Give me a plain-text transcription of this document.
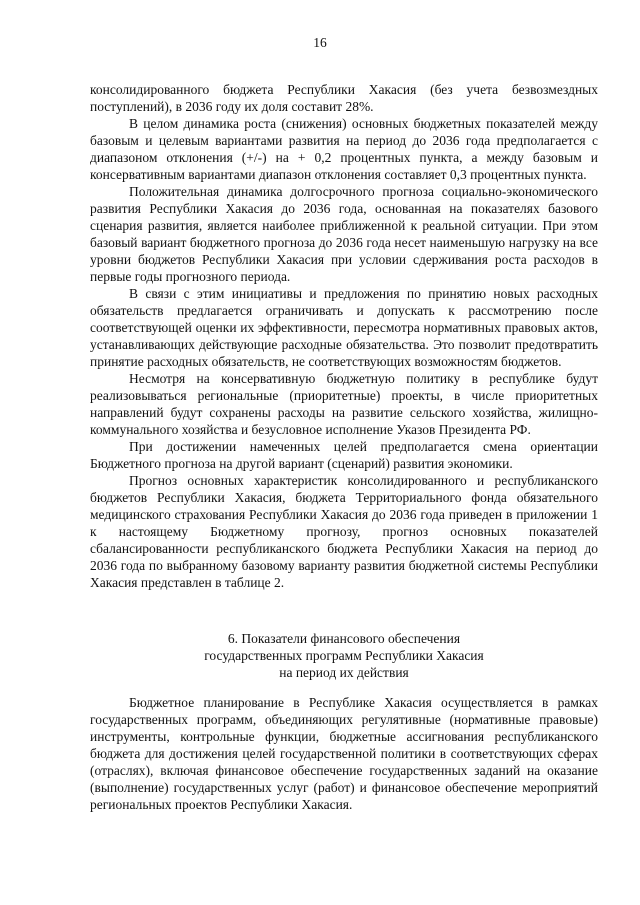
16

консолидированного бюджета Республики Хакасия (без учета безвозмездных поступлений), в 2036 году их доля составит 28%.

В целом динамика роста (снижения) основных бюджетных показателей между базовым и целевым вариантами развития на период до 2036 года предполагается с диапазоном отклонения (+/-) на + 0,2 процентных пункта, а между базовым и консервативным вариантами диапазон отклонения составляет 0,3 процентных пункта.

Положительная динамика долгосрочного прогноза социально-экономического развития Республики Хакасия до 2036 года, основанная на показателях базового сценария развития, является наиболее приближенной к реальной ситуации. При этом базовый вариант бюджетного прогноза до 2036 года несет наименьшую нагрузку на все уровни бюджетов Республики Хакасия при условии сдерживания роста расходов в первые годы прогнозного периода.

В связи с этим инициативы и предложения по принятию новых расходных обязательств предлагается ограничивать и допускать к рассмотрению после соответствующей оценки их эффективности, пересмотра нормативных правовых актов, устанавливающих действующие расходные обязательства. Это позволит предотвратить принятие расходных обязательств, не соответствующих возможностям бюджетов.

Несмотря на консервативную бюджетную политику в республике будут реализовываться региональные (приоритетные) проекты, в числе приоритетных направлений будут сохранены расходы на развитие сельского хозяйства, жилищно-коммунального хозяйства и безусловное исполнение Указов Президента РФ.

При достижении намеченных целей предполагается смена ориентации Бюджетного прогноза на другой вариант (сценарий) развития экономики.

Прогноз основных характеристик консолидированного и республиканского бюджетов Республики Хакасия, бюджета Территориального фонда обязательного медицинского страхования Республики Хакасия до 2036 года приведен в приложении 1 к настоящему Бюджетному прогнозу, прогноз основных показателей сбалансированности республиканского бюджета Республики Хакасия на период до 2036 года по выбранному базовому варианту развития бюджетной системы Республики Хакасия представлен в таблице 2.

6. Показатели финансового обеспечения
государственных программ Республики Хакасия
на период их действия

Бюджетное планирование в Республике Хакасия осуществляется в рамках государственных программ, объединяющих регулятивные (нормативные правовые) инструменты, контрольные функции, бюджетные ассигнования республиканского бюджета для достижения целей государственной политики в соответствующих сферах (отраслях), включая финансовое обеспечение государственных заданий на оказание (выполнение) государственных услуг (работ) и финансовое обеспечение мероприятий региональных проектов Республики Хакасия.
